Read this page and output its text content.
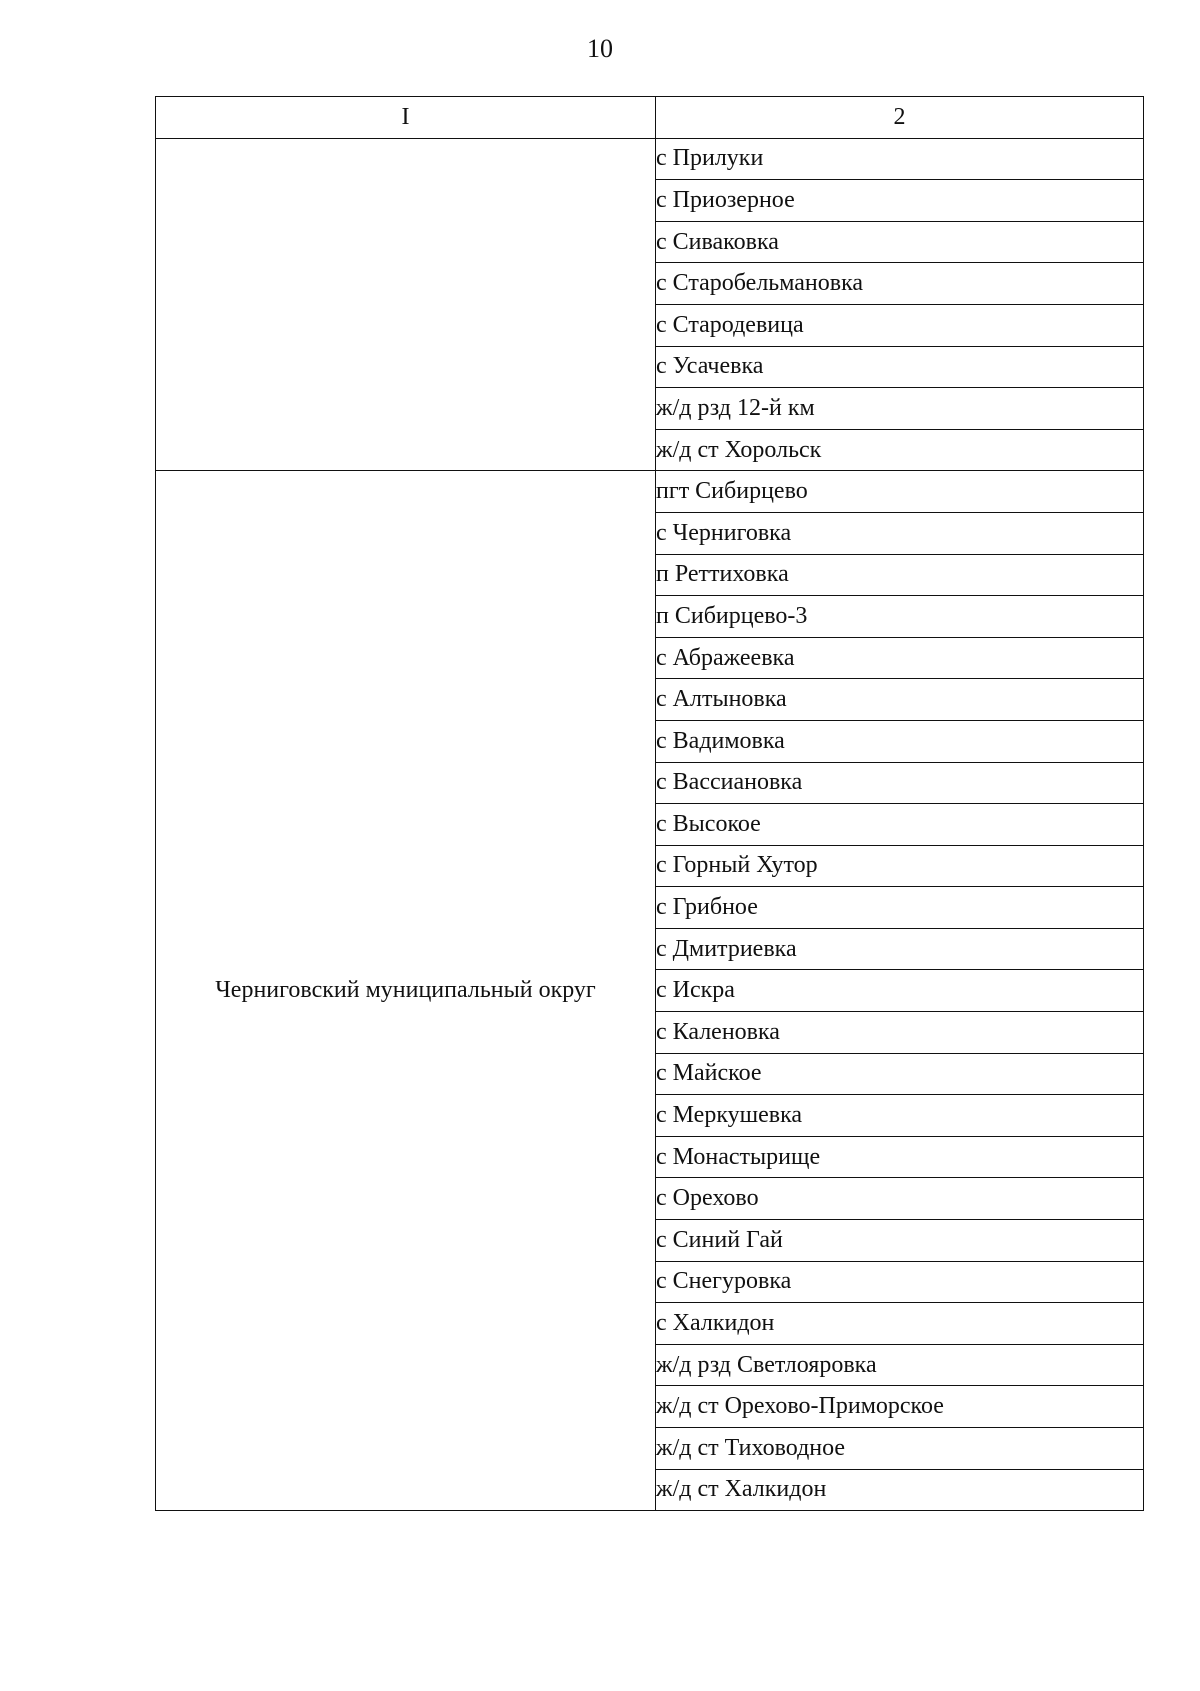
10
I	2
	с Прилуки
	с Приозерное
	с Сиваковка
	с Старобельмановка
	с Стародевица
	с Усачевка
	ж/д рзд 12-й км
	ж/д ст Хорольск
Черниговский муниципальный округ	пгт Сибирцево
	с Черниговка
	п Реттиховка
	п Сибирцево-3
	с Абражеевка
	с Алтыновка
	с Вадимовка
	с Вассиановка
	с Высокое
	с Горный Хутор
	с Грибное
	с Дмитриевка
	с Искра
	с Каленовка
	с Майское
	с Меркушевка
	с Монастырище
	с Орехово
	с Синий Гай
	с Снегуровка
	с Халкидон
	ж/д рзд Светлояровка
	ж/д ст Орехово-Приморское
	ж/д ст Тиховодное
	ж/д ст Халкидон
